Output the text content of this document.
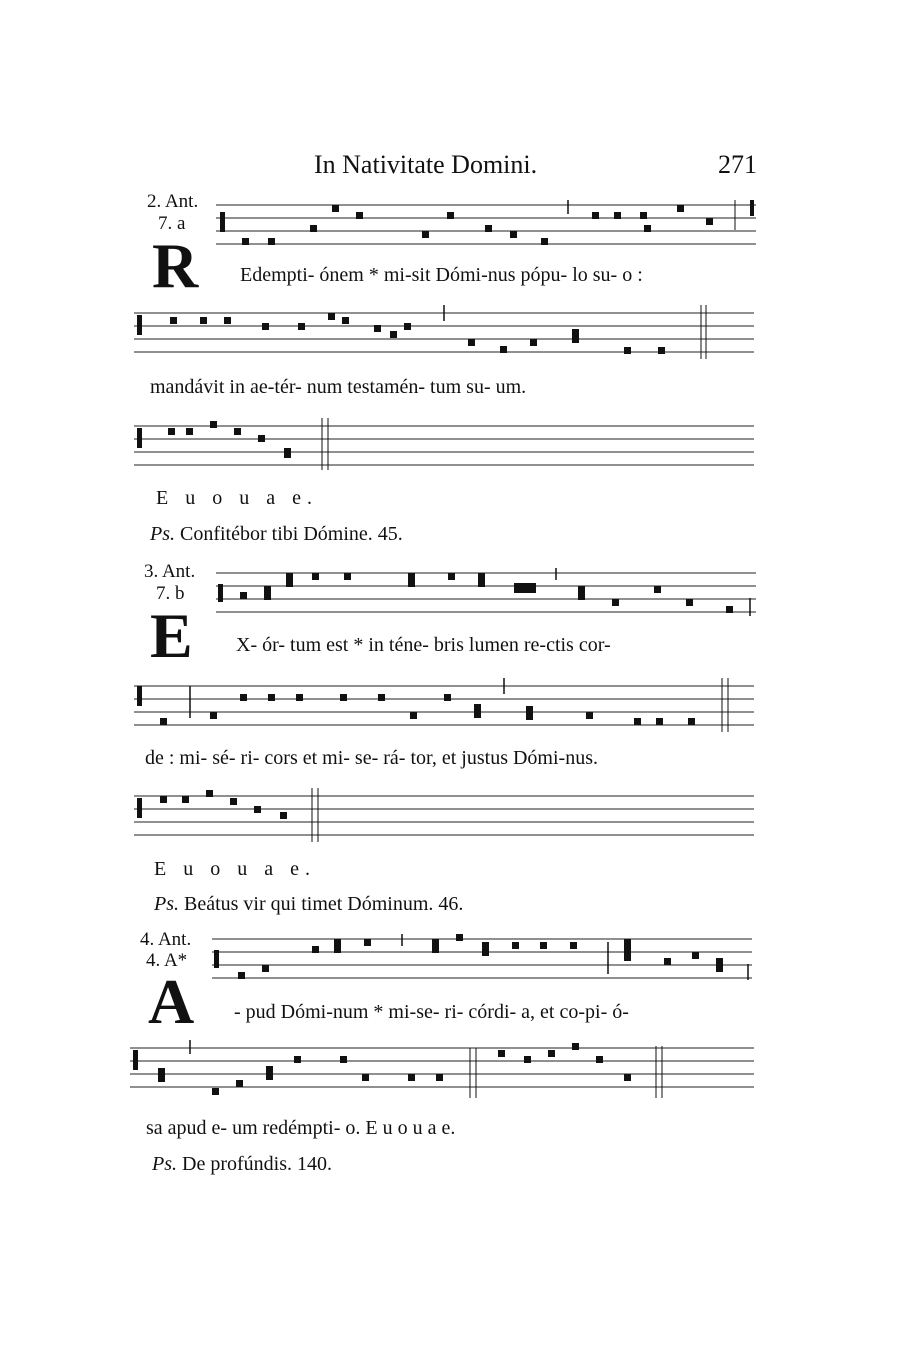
In Nativitate Domini.	271
2. Ant.
7. a
R Edempti- ónem * mi-sit Dómi-nus pópu- lo su- o :
mandávit in ae-tér- num testamén- tum su- um.
E u o u a e.
Ps. Confitébor tibi Dómine. 45.
3. Ant.
7. b
E X- ór- tum est * in téne- bris lumen re-ctis cor-
de : mi- sé- ri- cors et mi- se- rá- tor, et justus Dómi-nus.
E u o u a e.
Ps. Beátus vir qui timet Dóminum. 46.
4. Ant.
4. A*
A - pud Dómi-num * mi-se- ri- córdi- a, et co-pi- ó-
sa apud e- um redémpti- o. E u o u a e.
Ps. De profúndis. 140.
